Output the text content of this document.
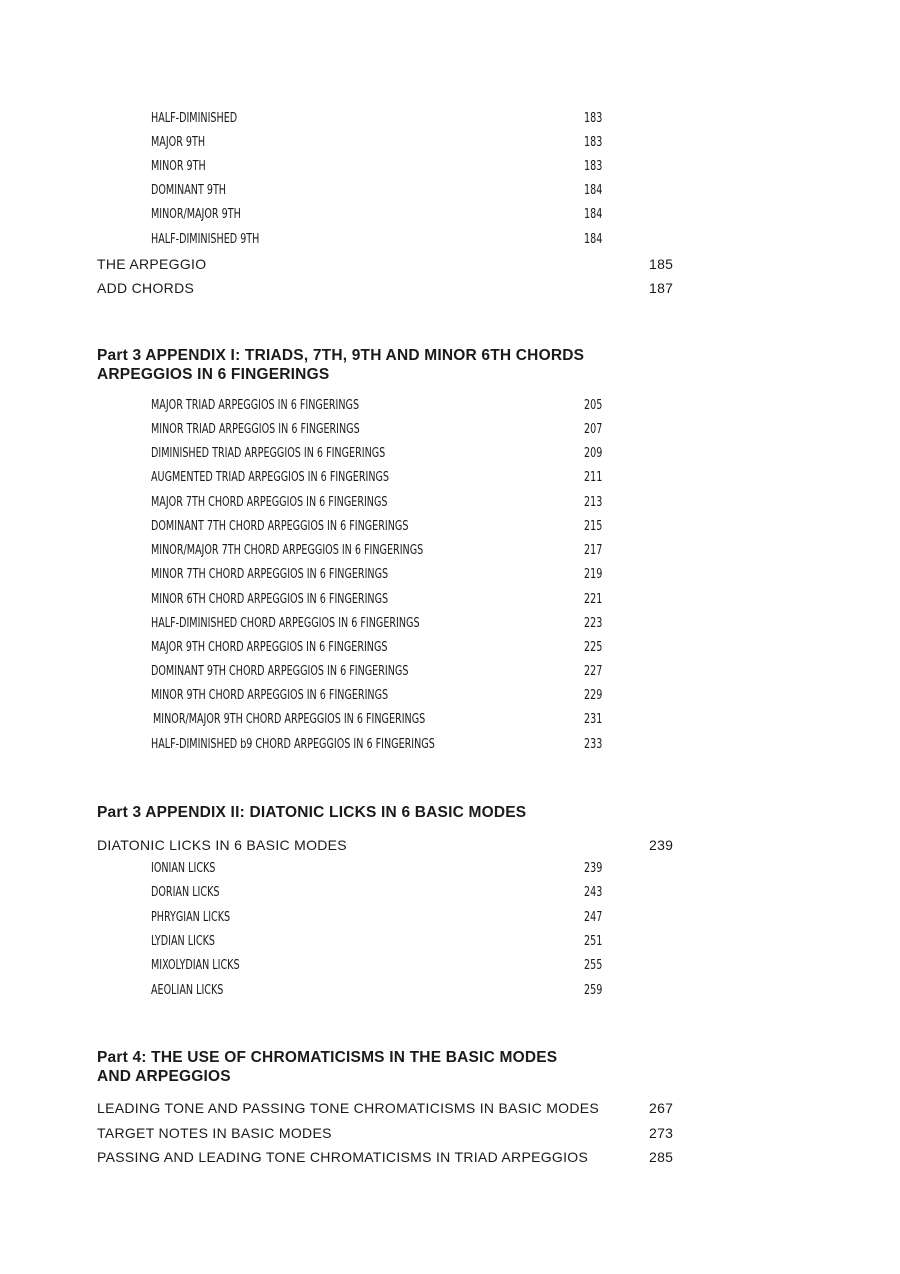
HALF-DIMINISHED	183
MAJOR 9TH	183
MINOR 9TH	183
DOMINANT 9TH	184
MINOR/MAJOR 9TH	184
HALF-DIMINISHED 9TH	184
THE ARPEGGIO	185
ADD CHORDS	187
Part 3 APPENDIX I: TRIADS, 7TH, 9TH AND MINOR 6TH CHORDS
ARPEGGIOS IN 6 FINGERINGS
MAJOR TRIAD ARPEGGIOS IN 6 FINGERINGS	205
MINOR TRIAD ARPEGGIOS IN 6 FINGERINGS	207
DIMINISHED TRIAD ARPEGGIOS IN 6 FINGERINGS	209
AUGMENTED TRIAD ARPEGGIOS IN 6 FINGERINGS	211
MAJOR 7TH CHORD ARPEGGIOS IN 6 FINGERINGS	213
DOMINANT 7TH CHORD ARPEGGIOS IN 6 FINGERINGS	215
MINOR/MAJOR 7TH CHORD ARPEGGIOS IN 6 FINGERINGS	217
MINOR 7TH CHORD ARPEGGIOS IN 6 FINGERINGS	219
MINOR 6TH CHORD ARPEGGIOS IN 6 FINGERINGS	221
HALF-DIMINISHED CHORD ARPEGGIOS IN 6 FINGERINGS	223
MAJOR 9TH CHORD ARPEGGIOS IN 6 FINGERINGS	225
DOMINANT 9TH CHORD ARPEGGIOS IN 6 FINGERINGS	227
MINOR 9TH CHORD ARPEGGIOS IN 6 FINGERINGS	229
MINOR/MAJOR 9TH CHORD ARPEGGIOS IN 6 FINGERINGS	231
HALF-DIMINISHED b9 CHORD ARPEGGIOS IN 6 FINGERINGS	233
Part 3 APPENDIX II: DIATONIC LICKS IN 6 BASIC MODES
DIATONIC LICKS IN 6 BASIC MODES	239
IONIAN LICKS	239
DORIAN LICKS	243
PHRYGIAN LICKS	247
LYDIAN LICKS	251
MIXOLYDIAN LICKS	255
AEOLIAN LICKS	259
Part 4: THE USE OF CHROMATICISMS IN THE BASIC MODES
AND ARPEGGIOS
LEADING TONE AND PASSING TONE CHROMATICISMS IN BASIC MODES	267
TARGET NOTES IN BASIC MODES	273
PASSING AND LEADING TONE CHROMATICISMS IN TRIAD ARPEGGIOS	285
